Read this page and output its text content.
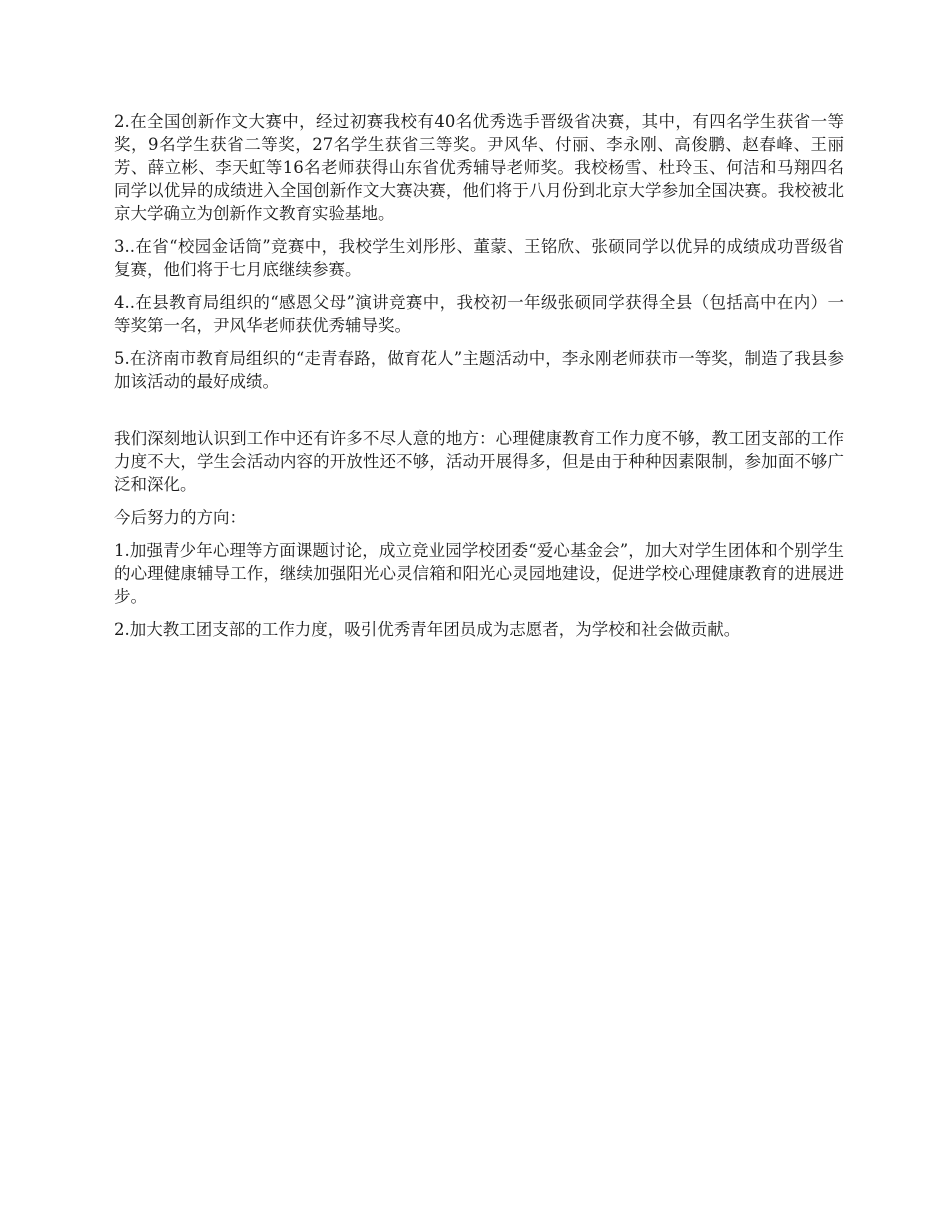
2.在全国创新作文大赛中，经过初赛我校有40名优秀选手晋级省决赛，其中，有四名学生获省一等奖，9名学生获省二等奖，27名学生获省三等奖。尹风华、付丽、李永刚、高俊鹏、赵春峰、王丽芳、薛立彬、李天虹等16名老师获得山东省优秀辅导老师奖。我校杨雪、杜玲玉、何洁和马翔四名同学以优异的成绩进入全国创新作文大赛决赛，他们将于八月份到北京大学参加全国决赛。我校被北京大学确立为创新作文教育实验基地。

3..在省“校园金话筒”竞赛中，我校学生刘彤彤、董蒙、王铭欣、张硕同学以优异的成绩成功晋级省复赛，他们将于七月底继续参赛。

4..在县教育局组织的“感恩父母”演讲竞赛中，我校初一年级张硕同学获得全县（包括高中在内）一等奖第一名，尹风华老师获优秀辅导奖。

5.在济南市教育局组织的“走青春路，做育花人”主题活动中，李永刚老师获市一等奖，制造了我县参加该活动的最好成绩。

我们深刻地认识到工作中还有许多不尽人意的地方：心理健康教育工作力度不够，教工团支部的工作力度不大，学生会活动内容的开放性还不够，活动开展得多，但是由于种种因素限制，参加面不够广泛和深化。

今后努力的方向：

1.加强青少年心理等方面课题讨论，成立竞业园学校团委“爱心基金会”，加大对学生团体和个别学生的心理健康辅导工作，继续加强阳光心灵信箱和阳光心灵园地建设，促进学校心理健康教育的进展进步。

2.加大教工团支部的工作力度，吸引优秀青年团员成为志愿者，为学校和社会做贡献。
